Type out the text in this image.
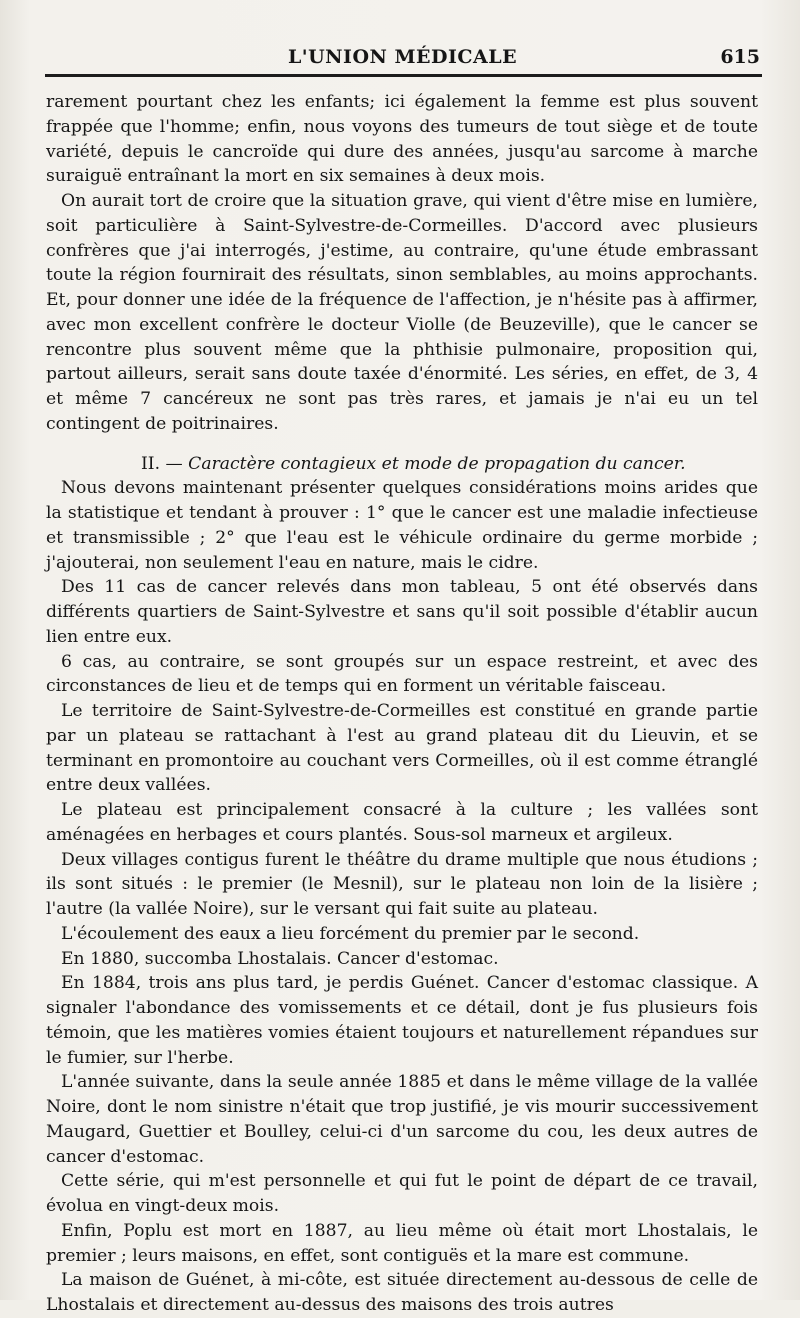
L'UNION MÉDICALE	615

rarement pourtant chez les enfants; ici également la femme est plus souvent frappée que l'homme; enfin, nous voyons des tumeurs de tout siège et de toute variété, depuis le cancroïde qui dure des années, jusqu'au sarcome à marche suraiguë entraînant la mort en six semaines à deux mois.

On aurait tort de croire que la situation grave, qui vient d'être mise en lumière, soit particulière à Saint-Sylvestre-de-Cormeilles. D'accord avec plusieurs confrères que j'ai interrogés, j'estime, au contraire, qu'une étude embrassant toute la région fournirait des résultats, sinon semblables, au moins approchants. Et, pour donner une idée de la fréquence de l'affection, je n'hésite pas à affirmer, avec mon excellent confrère le docteur Violle (de Beuzeville), que le cancer se rencontre plus souvent même que la phthisie pulmonaire, proposition qui, partout ailleurs, serait sans doute taxée d'énormité. Les séries, en effet, de 3, 4 et même 7 cancéreux ne sont pas très rares, et jamais je n'ai eu un tel contingent de poitrinaires.

II. — Caractère contagieux et mode de propagation du cancer.

Nous devons maintenant présenter quelques considérations moins arides que la statistique et tendant à prouver : 1° que le cancer est une maladie infectieuse et transmissible ; 2° que l'eau est le véhicule ordinaire du germe morbide ; j'ajouterai, non seulement l'eau en nature, mais le cidre.

Des 11 cas de cancer relevés dans mon tableau, 5 ont été observés dans différents quartiers de Saint-Sylvestre et sans qu'il soit possible d'établir aucun lien entre eux.

6 cas, au contraire, se sont groupés sur un espace restreint, et avec des circonstances de lieu et de temps qui en forment un véritable faisceau.

Le territoire de Saint-Sylvestre-de-Cormeilles est constitué en grande partie par un plateau se rattachant à l'est au grand plateau dit du Lieuvin, et se terminant en promontoire au couchant vers Cormeilles, où il est comme étranglé entre deux vallées.

Le plateau est principalement consacré à la culture ; les vallées sont aménagées en herbages et cours plantés. Sous-sol marneux et argileux.

Deux villages contigus furent le théâtre du drame multiple que nous étudions ; ils sont situés : le premier (le Mesnil), sur le plateau non loin de la lisière ; l'autre (la vallée Noire), sur le versant qui fait suite au plateau.

L'écoulement des eaux a lieu forcément du premier par le second.

En 1880, succomba Lhostalais. Cancer d'estomac.

En 1884, trois ans plus tard, je perdis Guénet. Cancer d'estomac classique. A signaler l'abondance des vomissements et ce détail, dont je fus plusieurs fois témoin, que les matières vomies étaient toujours et naturellement répandues sur le fumier, sur l'herbe.

L'année suivante, dans la seule année 1885 et dans le même village de la vallée Noire, dont le nom sinistre n'était que trop justifié, je vis mourir successivement Maugard, Guettier et Boulley, celui-ci d'un sarcome du cou, les deux autres de cancer d'estomac.

Cette série, qui m'est personnelle et qui fut le point de départ de ce travail, évolua en vingt-deux mois.

Enfin, Poplu est mort en 1887, au lieu même où était mort Lhostalais, le premier ; leurs maisons, en effet, sont contiguës et la mare est commune.

La maison de Guénet, à mi-côte, est située directement au-dessous de celle de Lhostalais et directement au-dessus des maisons des trois autres
